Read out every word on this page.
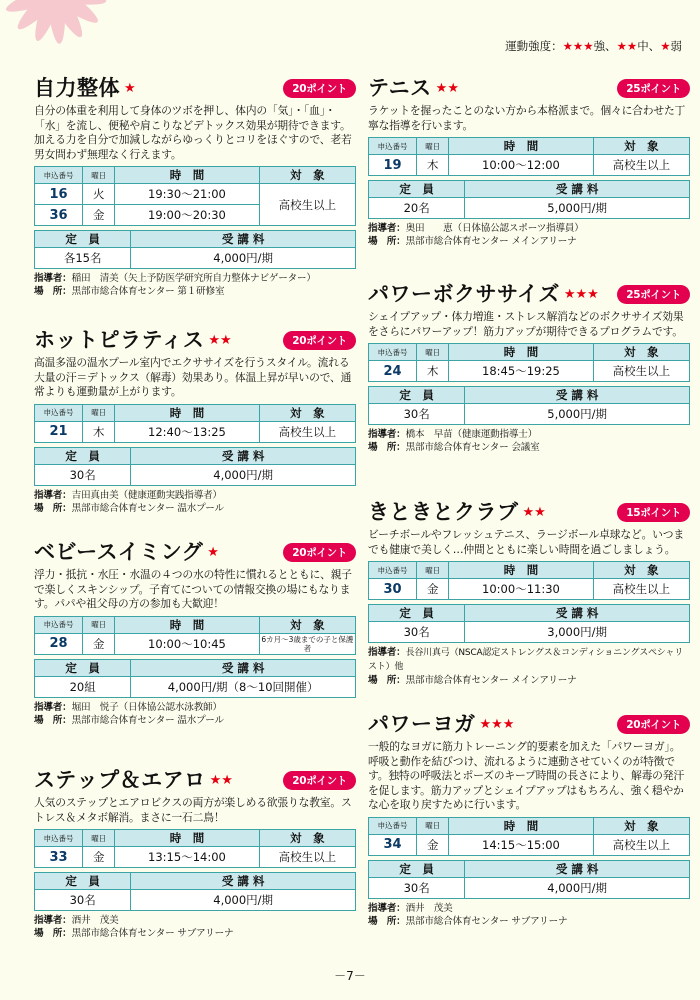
運動強度：★★★強、★★中、★弱
自力整体 ★	20ポイント
自分の体重を利用して身体のツボを押し、体内の「気」・「血」・「水」を流し、便秘や肩こりなどデトックス効果が期待できます。加える力を自分で加減しながらゆっくりとコリをほぐすので、老若男女問わず無理なく行えます。
申込番号	曜日	時　間	対　象
16	火	19:30～21:00	高校生以上
36	金	19:00～20:30	
定　員	受 講 料
各15名	4,000円/期
指導者：稲田　清美（矢上予防医学研究所自力整体ナビゲーター）
場　所：黒部市総合体育センター 第１研修室
ホットピラティス ★★	20ポイント
高温多湿の温水プール室内でエクササイズを行うスタイル。流れる大量の汗＝デトックス（解毒）効果あり。体温上昇が早いので、通常よりも運動量が上がります。
申込番号	曜日	時　間	対　象
21	木	12:40～13:25	高校生以上
定　員	受 講 料
30名	4,000円/期
指導者：吉田真由美（健康運動実践指導者）
場　所：黒部市総合体育センター 温水プール
ベビースイミング ★	20ポイント
浮力・抵抗・水圧・水温の４つの水の特性に慣れるとともに、親子で楽しくスキンシップ。子育てについての情報交換の場にもなります。パパや祖父母の方の参加も大歓迎！
申込番号	曜日	時　間	対　象
28	金	10:00～10:45	6カ月～3歳までの子と保護者
定　員	受 講 料
20組	4,000円/期（8～10回開催）
指導者：堀田　悦子（日体協公認水泳教師）
場　所：黒部市総合体育センター 温水プール
ステップ＆エアロ ★★	20ポイント
人気のステップとエアロビクスの両方が楽しめる欲張りな教室。ストレス＆メタボ解消。まさに一石二鳥！
申込番号	曜日	時　間	対　象
33	金	13:15～14:00	高校生以上
定　員	受 講 料
30名	4,000円/期
指導者：酒井　茂美
場　所：黒部市総合体育センター サブアリーナ
テニス ★★	25ポイント
ラケットを握ったことのない方から本格派まで。個々に合わせた丁寧な指導を行います。
申込番号	曜日	時　間	対　象
19	木	10:00～12:00	高校生以上
定　員	受 講 料
20名	5,000円/期
指導者：奥田　　恵（日体協公認スポーツ指導員）
場　所：黒部市総合体育センター メインアリーナ
パワーボクササイズ ★★★	25ポイント
シェイプアップ・体力増進・ストレス解消などのボクササイズ効果をさらにパワーアップ！筋力アップが期待できるプログラムです。
申込番号	曜日	時　間	対　象
24	木	18:45～19:25	高校生以上
定　員	受 講 料
30名	5,000円/期
指導者：橋本　早苗（健康運動指導士）
場　所：黒部市総合体育センター 会議室
きときとクラブ ★★	15ポイント
ビーチボールやフレッシュテニス、ラージボール卓球など。いつまでも健康で美しく…仲間とともに楽しい時間を過ごしましょう。
申込番号	曜日	時　間	対　象
30	金	10:00～11:30	高校生以上
定　員	受 講 料
30名	3,000円/期
指導者：長谷川真弓（NSCA認定ストレングス＆コンディショニングスペシャリスト）他
場　所：黒部市総合体育センター メインアリーナ
パワーヨガ ★★★	20ポイント
一般的なヨガに筋力トレーニング的要素を加えた「パワーヨガ」。呼吸と動作を結びつけ、流れるように連動させていくのが特徴です。独特の呼吸法とポーズのキープ時間の長さにより、解毒の発汗を促します。筋力アップとシェイプアップはもちろん、強く穏やかな心を取り戻すために行います。
申込番号	曜日	時　間	対　象
34	金	14:15～15:00	高校生以上
定　員	受 講 料
30名	4,000円/期
指導者：酒井　茂美
場　所：黒部市総合体育センター サブアリーナ
－7－
